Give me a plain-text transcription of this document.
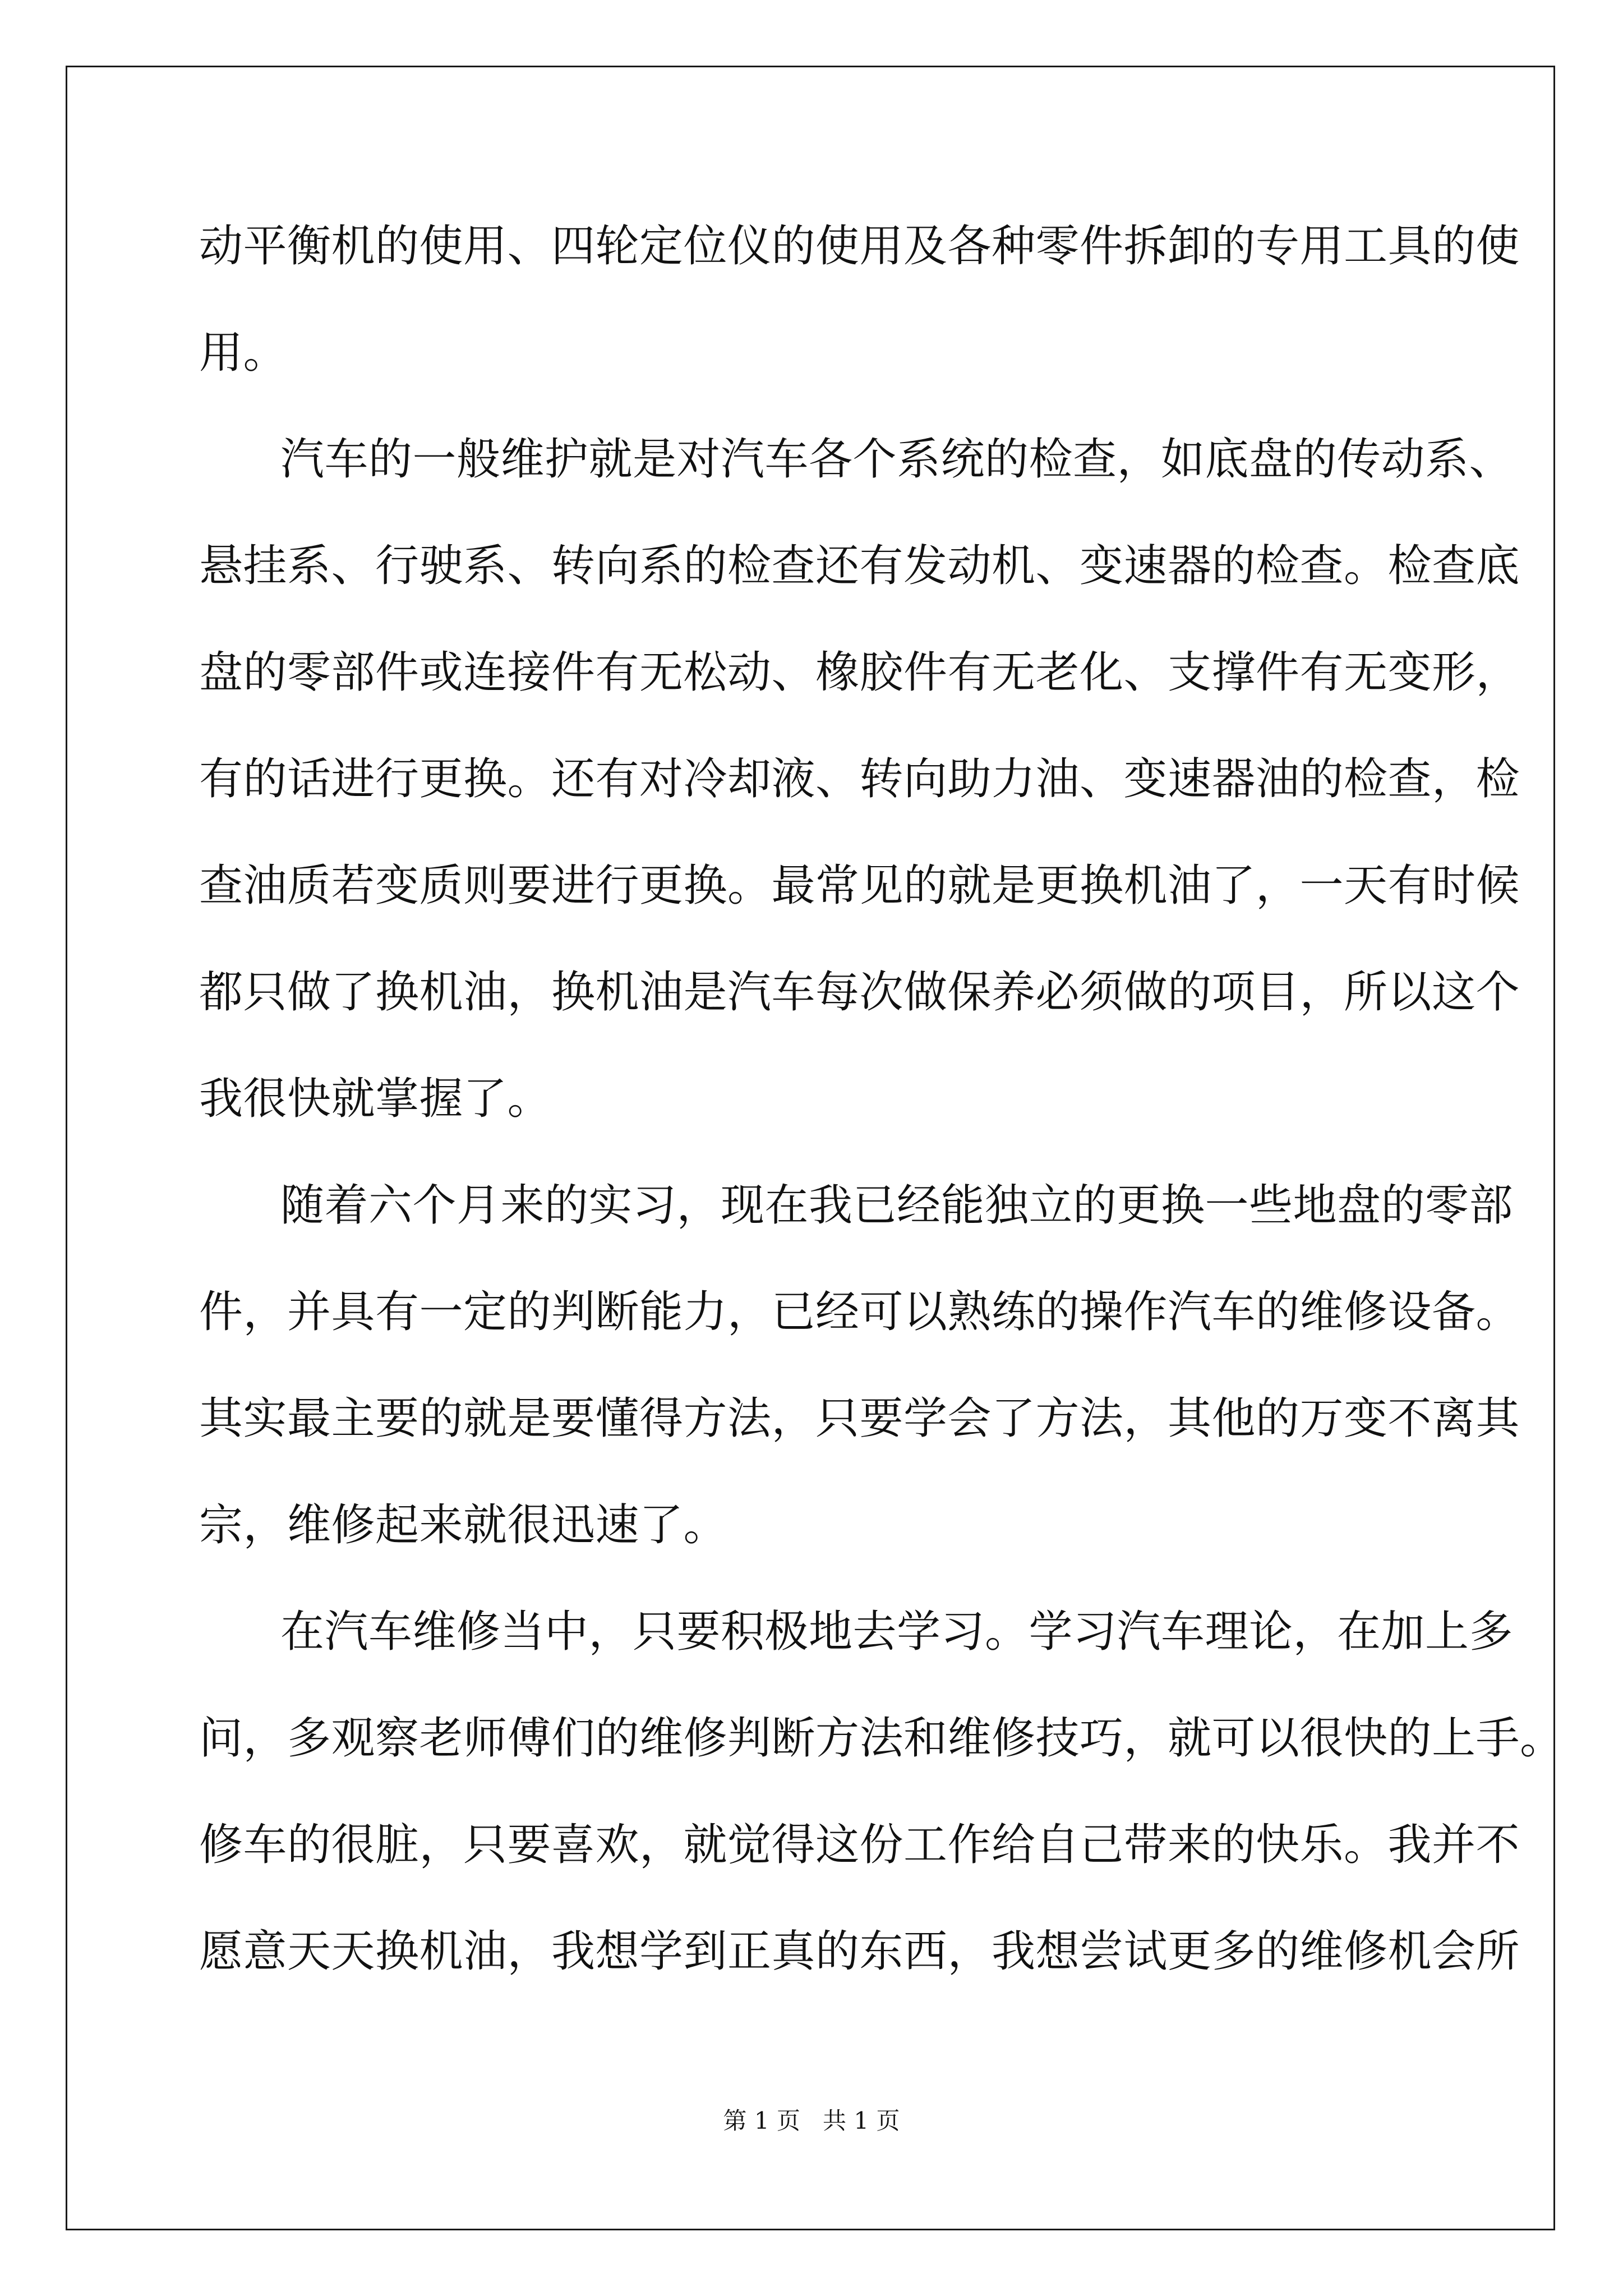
动平衡机的使用、四轮定位仪的使用及各种零件拆卸的专用工具的使
用。
汽车的一般维护就是对汽车各个系统的检查，如底盘的传动系、
悬挂系、行驶系、转向系的检查还有发动机、变速器的检查。检查底
盘的零部件或连接件有无松动、橡胶件有无老化、支撑件有无变形，
有的话进行更换。还有对冷却液、转向助力油、变速器油的检查，检
查油质若变质则要进行更换。最常见的就是更换机油了，一天有时候
都只做了换机油，换机油是汽车每次做保养必须做的项目，所以这个
我很快就掌握了。
随着六个月来的实习，现在我已经能独立的更换一些地盘的零部
件，并具有一定的判断能力，已经可以熟练的操作汽车的维修设备。
其实最主要的就是要懂得方法，只要学会了方法，其他的万变不离其
宗，维修起来就很迅速了。
在汽车维修当中，只要积极地去学习。学习汽车理论，在加上多
问，多观察老师傅们的维修判断方法和维修技巧，就可以很快的上手。
修车的很脏，只要喜欢，就觉得这份工作给自己带来的快乐。我并不
愿意天天换机油，我想学到正真的东西，我想尝试更多的维修机会所
第 1 页   共 1 页
